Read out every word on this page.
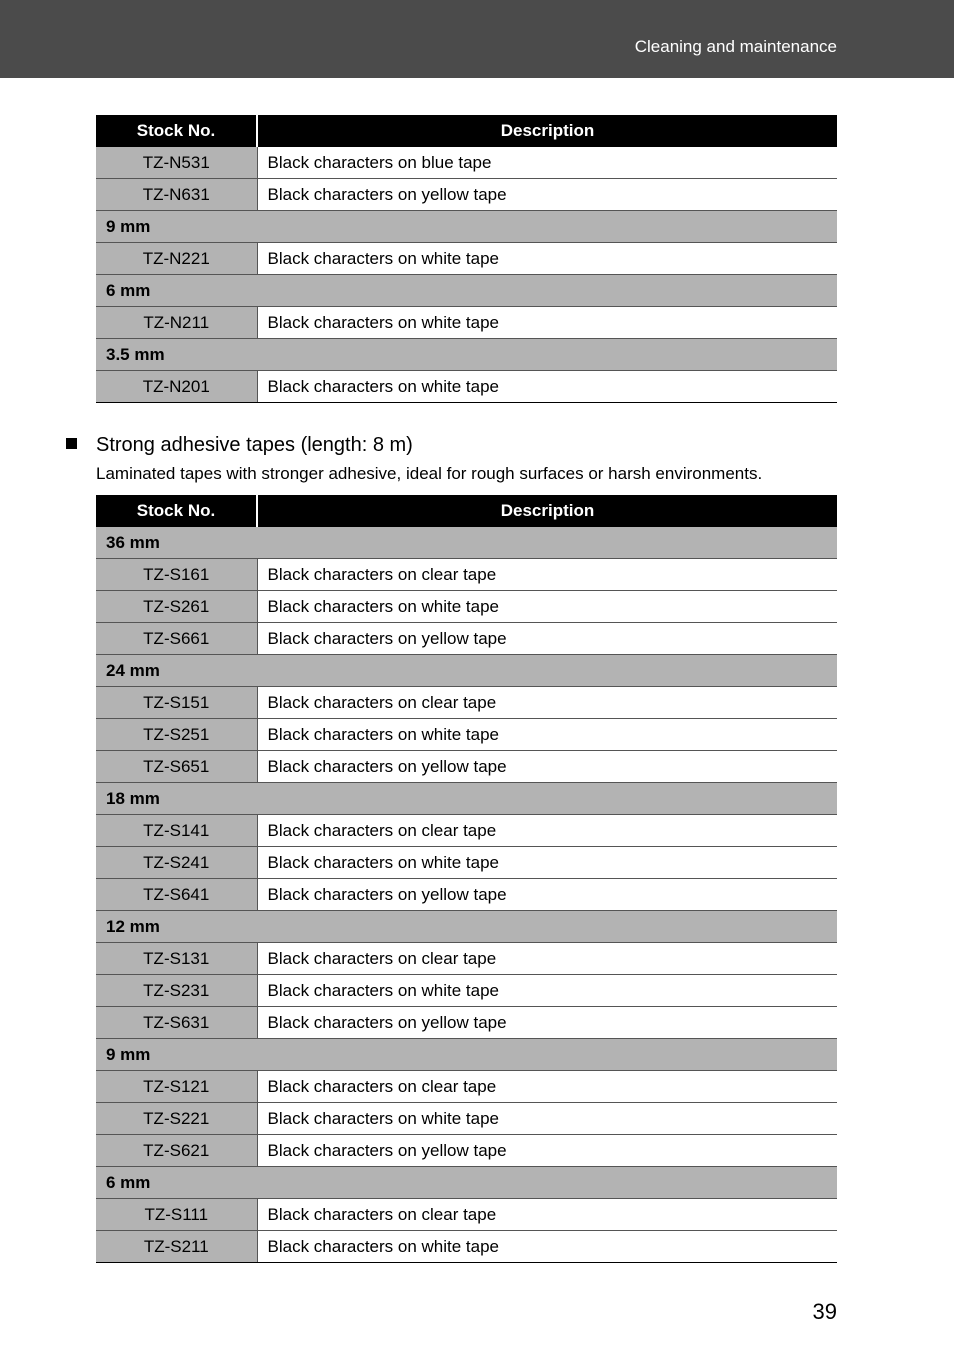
Cleaning and maintenance
Stock No.	Description
TZ-N531	Black characters on blue tape
TZ-N631	Black characters on yellow tape
9 mm	
TZ-N221	Black characters on white tape
6 mm	
TZ-N211	Black characters on white tape
3.5 mm	
TZ-N201	Black characters on white tape
Strong adhesive tapes (length: 8 m)
Laminated tapes with stronger adhesive, ideal for rough surfaces or harsh environments.
Stock No.	Description
36 mm	
TZ-S161	Black characters on clear tape
TZ-S261	Black characters on white tape
TZ-S661	Black characters on yellow tape
24 mm	
TZ-S151	Black characters on clear tape
TZ-S251	Black characters on white tape
TZ-S651	Black characters on yellow tape
18 mm	
TZ-S141	Black characters on clear tape
TZ-S241	Black characters on white tape
TZ-S641	Black characters on yellow tape
12 mm	
TZ-S131	Black characters on clear tape
TZ-S231	Black characters on white tape
TZ-S631	Black characters on yellow tape
9 mm	
TZ-S121	Black characters on clear tape
TZ-S221	Black characters on white tape
TZ-S621	Black characters on yellow tape
6 mm	
TZ-S111	Black characters on clear tape
TZ-S211	Black characters on white tape
39
